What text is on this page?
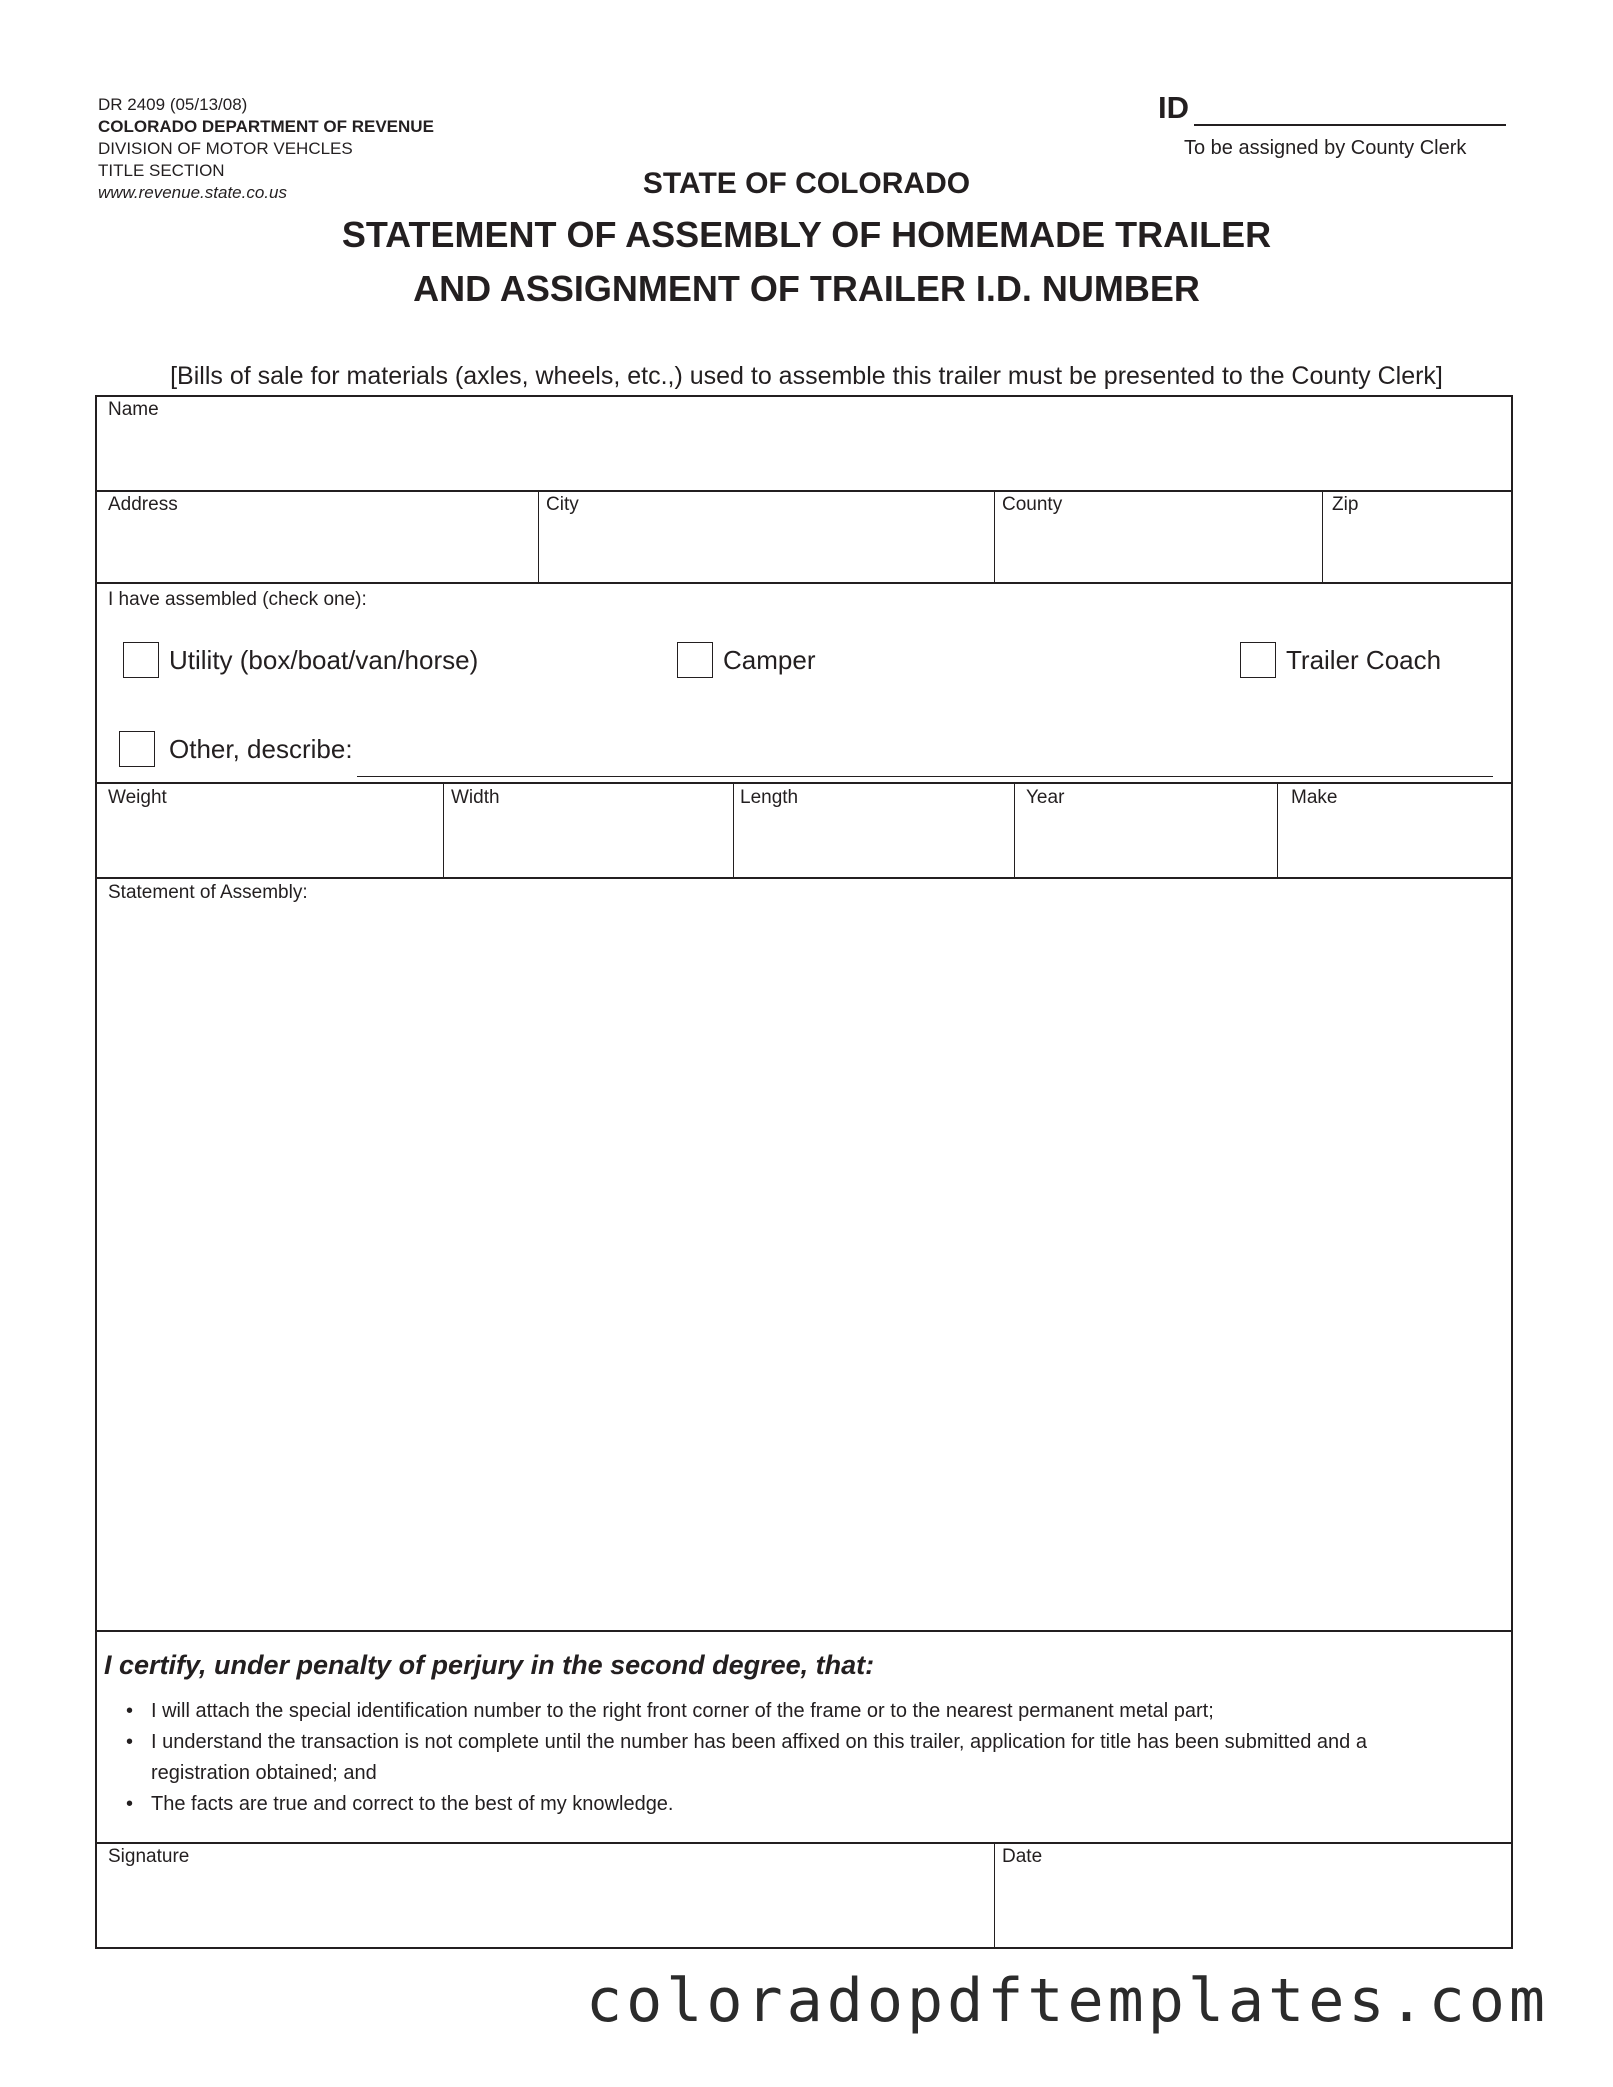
DR 2409 (05/13/08)
COLORADO DEPARTMENT OF REVENUE
DIVISION OF MOTOR VEHCLES
TITLE SECTION
www.revenue.state.co.us
ID
To be assigned by County Clerk
STATE OF COLORADO
STATEMENT OF ASSEMBLY OF HOMEMADE TRAILER
AND ASSIGNMENT OF TRAILER I.D. NUMBER
[Bills of sale for materials (axles, wheels, etc.,) used to assemble this trailer must be presented to the County Clerk]
Name
Address	City	County	Zip
I have assembled (check one):
Utility (box/boat/van/horse)	Camper	Trailer Coach
Other, describe:
Weight	Width	Length	Year	Make
Statement of Assembly:
I certify, under penalty of perjury in the second degree, that:
• I will attach the special identification number to the right front corner of the frame or to the nearest permanent metal part;
• I understand the transaction is not complete until the number has been affixed on this trailer, application for title has been submitted and a
registration obtained; and
• The facts are true and correct to the best of my knowledge.
Signature	Date
coloradopdftemplates.com
